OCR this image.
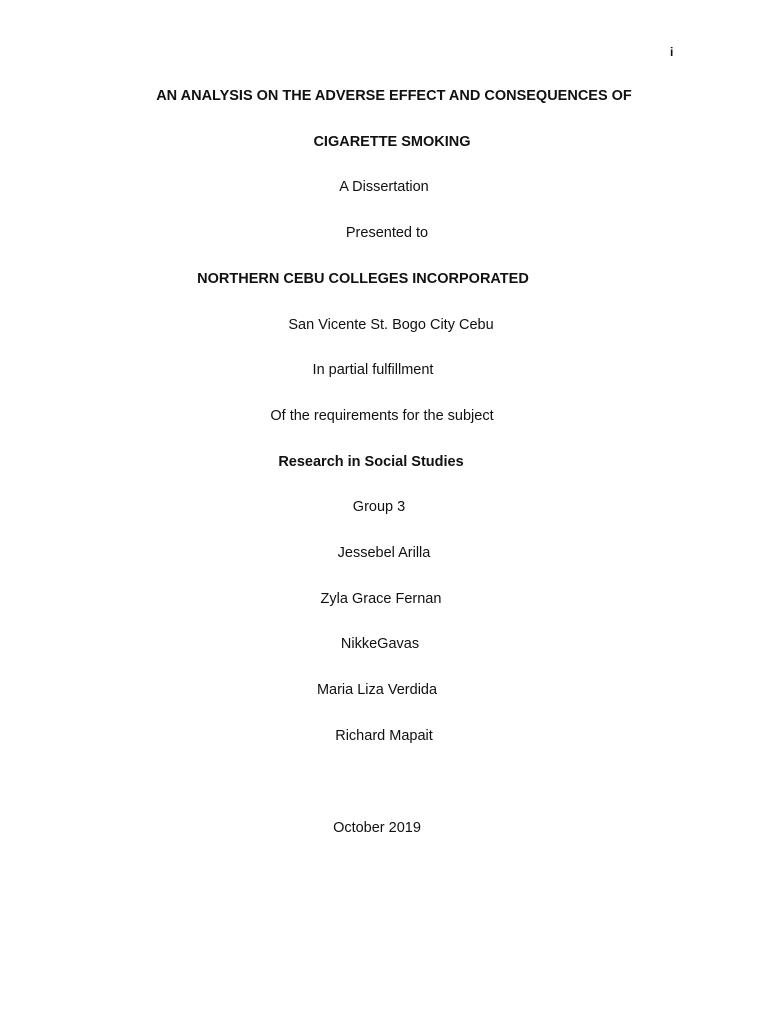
i
AN ANALYSIS ON THE ADVERSE EFFECT AND CONSEQUENCES OF
CIGARETTE SMOKING
A Dissertation
Presented to
NORTHERN CEBU COLLEGES INCORPORATED
San Vicente St. Bogo City Cebu
In partial fulfillment
Of the requirements for the subject
Research in Social Studies
Group 3
Jessebel Arilla
Zyla Grace Fernan
NikkeGavas
Maria Liza Verdida
Richard Mapait
October 2019
